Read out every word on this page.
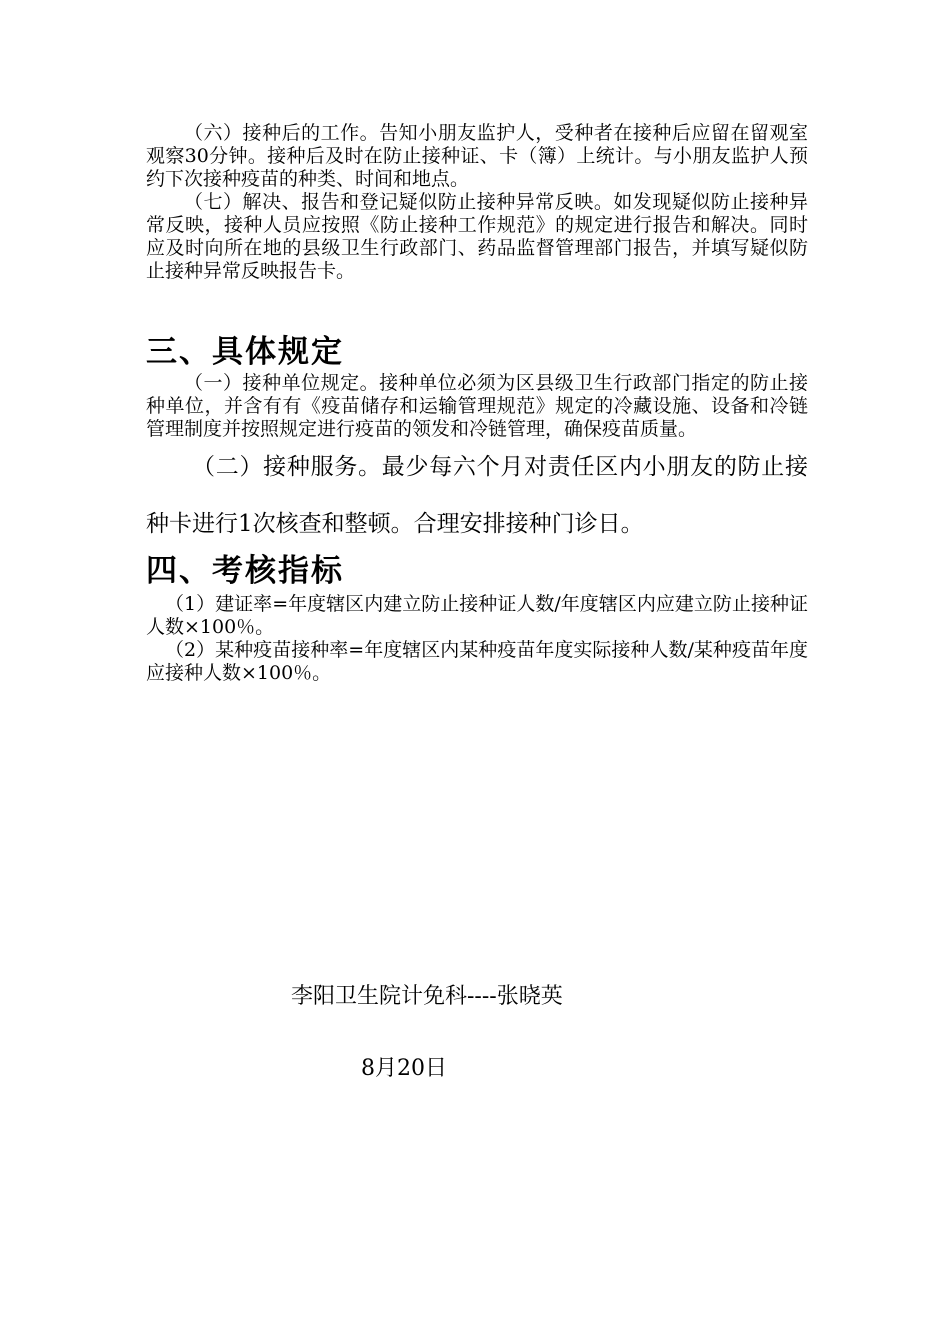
（六）接种后的工作。告知小朋友监护人，受种者在接种后应留在留观室观察30分钟。接种后及时在防止接种证、卡（簿）上统计。与小朋友监护人预约下次接种疫苗的种类、时间和地点。

（七）解决、报告和登记疑似防止接种异常反映。如发现疑似防止接种异常反映，接种人员应按照《防止接种工作规范》的规定进行报告和解决。同时应及时向所在地的县级卫生行政部门、药品监督管理部门报告，并填写疑似防止接种异常反映报告卡。

三、具体规定

（一）接种单位规定。接种单位必须为区县级卫生行政部门指定的防止接种单位，并含有有《疫苗储存和运输管理规范》规定的冷藏设施、设备和冷链管理制度并按照规定进行疫苗的领发和冷链管理，确保疫苗质量。

（二）接种服务。最少每六个月对责任区内小朋友的防止接种卡进行1次核查和整顿。合理安排接种门诊日。

四、考核指标

（1）建证率=年度辖区内建立防止接种证人数/年度辖区内应建立防止接种证人数×100％。

（2）某种疫苗接种率=年度辖区内某种疫苗年度实际接种人数/某种疫苗年度应接种人数×100％。

李阳卫生院计免科----张晓英
8月20日
